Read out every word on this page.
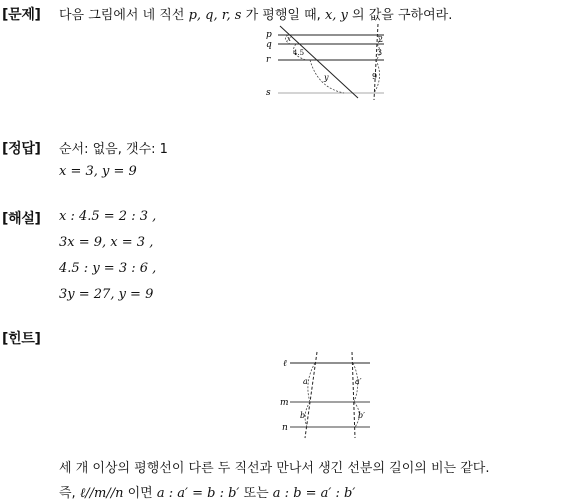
[문제] 다음 그림에서 네 직선 p, q, r, s 가 평행일 때, x, y 의 값을 구하여라.
p
q
r
s
2
3
4.5
x
y	9
[정답] 순서: 없음, 갯수: 1
x = 3, y = 9
[해설] x : 4.5 = 2 : 3 ,
3x = 9, x = 3 ,
4.5 : y = 3 : 6 ,
3y = 27, y = 9
[힌트]
ℓ
m
n
a	a′
b	b′
세 개 이상의 평행선이 다른 두 직선과 만나서 생긴 선분의 길이의 비는 같다.
즉, ℓ//m//n 이면 a : a′ = b : b′ 또는 a : b = a′ : b′
